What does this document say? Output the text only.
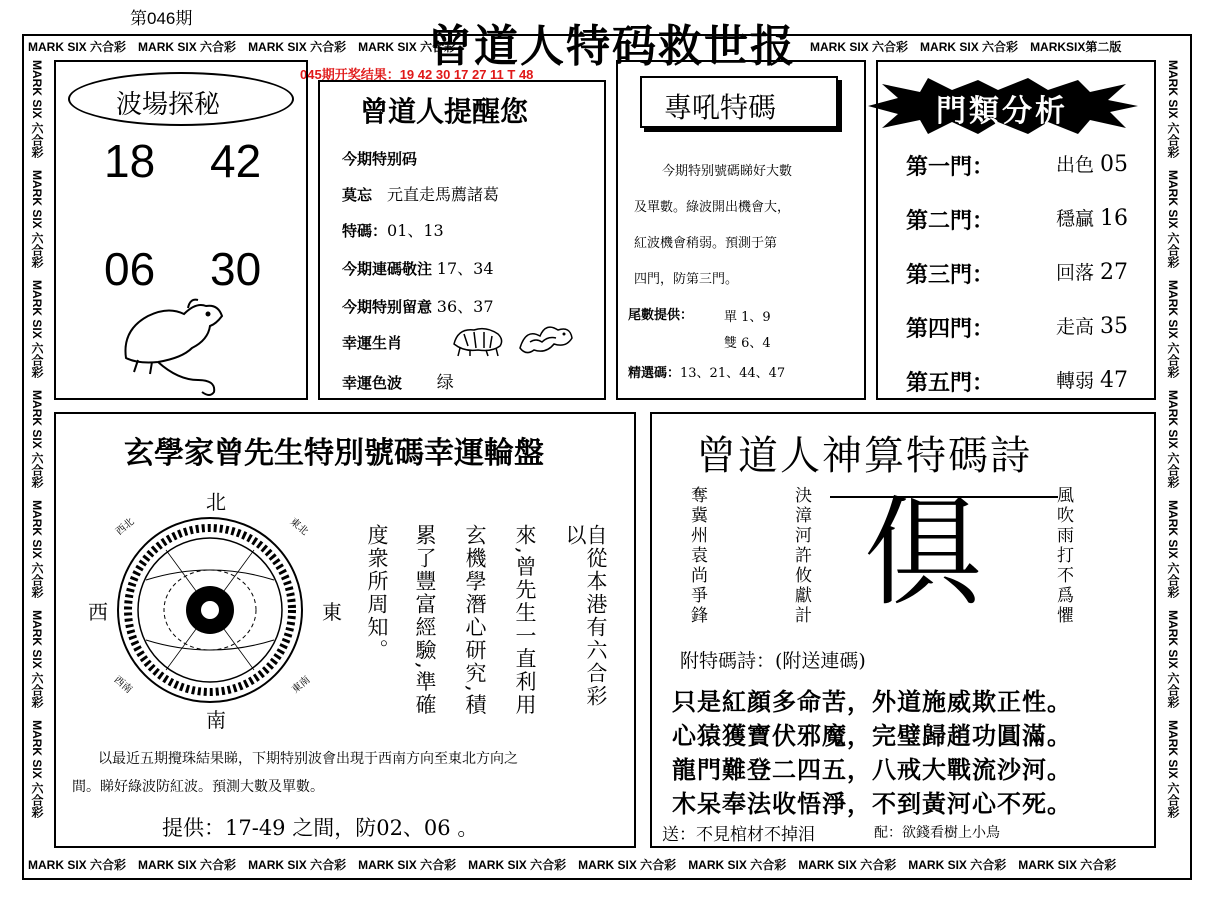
第046期
MARK SIX 六合彩　 MARK SIX 六合彩　 MARK SIX 六合彩　 MARK SIX 六合彩
曾道人特码救世报 MARK SIX 六合彩　 MARK SIX 六合彩　 MARKSIX第二版
MARK SIX 六合彩　 MARK SIX 六合彩　 MARK SIX 六合彩　 MARK SIX 六合彩　 MARK SIX 六合彩　 MARK SIX 六合彩　 MARK SIX 六合彩　 MARK SIX 六合彩　 MARK SIX 六合彩　 MARK SIX 六合彩
MARK SIX 六合彩　MARK SIX 六合彩　MARK SIX 六合彩　MARK SIX 六合彩　MARK SIX 六合彩　MARK SIX 六合彩　MARK SIX 六合彩
MARK SIX 六合彩　MARK SIX 六合彩　MARK SIX 六合彩　MARK SIX 六合彩　MARK SIX 六合彩　MARK SIX 六合彩　MARK SIX 六合彩
045期开奖结果：19 42 30 17 27 11 T 48
波場探秘
18 42
06 30
曾道人提醒您
今期特别码
莫忘　 元直走馬薦諸葛
特碼：01、13
今期連碼敬注 17、34
今期特别留意 36、37
幸運生肖
幸運色波　　 绿
專吼特碼
今期特别號碼睇好大數
及單數。綠波開出機會大，
紅波機會稍弱。預測于第
四門，防第三門。
尾數提供： 單 1、9
雙 6、4
精選碼：13、21、44、47
門類分析
第一門：	出色 05
第二門：	穩贏 16
第三門：	回落 27
第四門：	走高 35
第五門：	轉弱 47
玄學家曾先生特別號碼幸運輪盤
北
南
西	東
西北	東北
西南	東南	自從本港有六合彩以
來,曾先生一直利用
玄機學潛心研究,積
累了豐富經驗,準確
度衆所周知。
以最近五期攪珠結果睇，下期特别波會出現于西南方向至東北方向之
間。睇好綠波防紅波。預測大數及單數。
提供：17-49 之間，防02、06 。
曾道人神算特碼詩
奪冀州袁尚爭鋒	決漳河許攸獻計 俱	風吹雨打不爲懼
附特碼詩：(附送連碼)
只是紅顔多命苦，外道施威欺正性。
心猿獲寶伏邪魔，完璧歸趙功圓滿。
龍門難登二四五，八戒大戰流沙河。
木呆奉法收悟淨，不到黃河心不死。
送：不見棺材不掉泪	配：欲錢看樹上小鳥
